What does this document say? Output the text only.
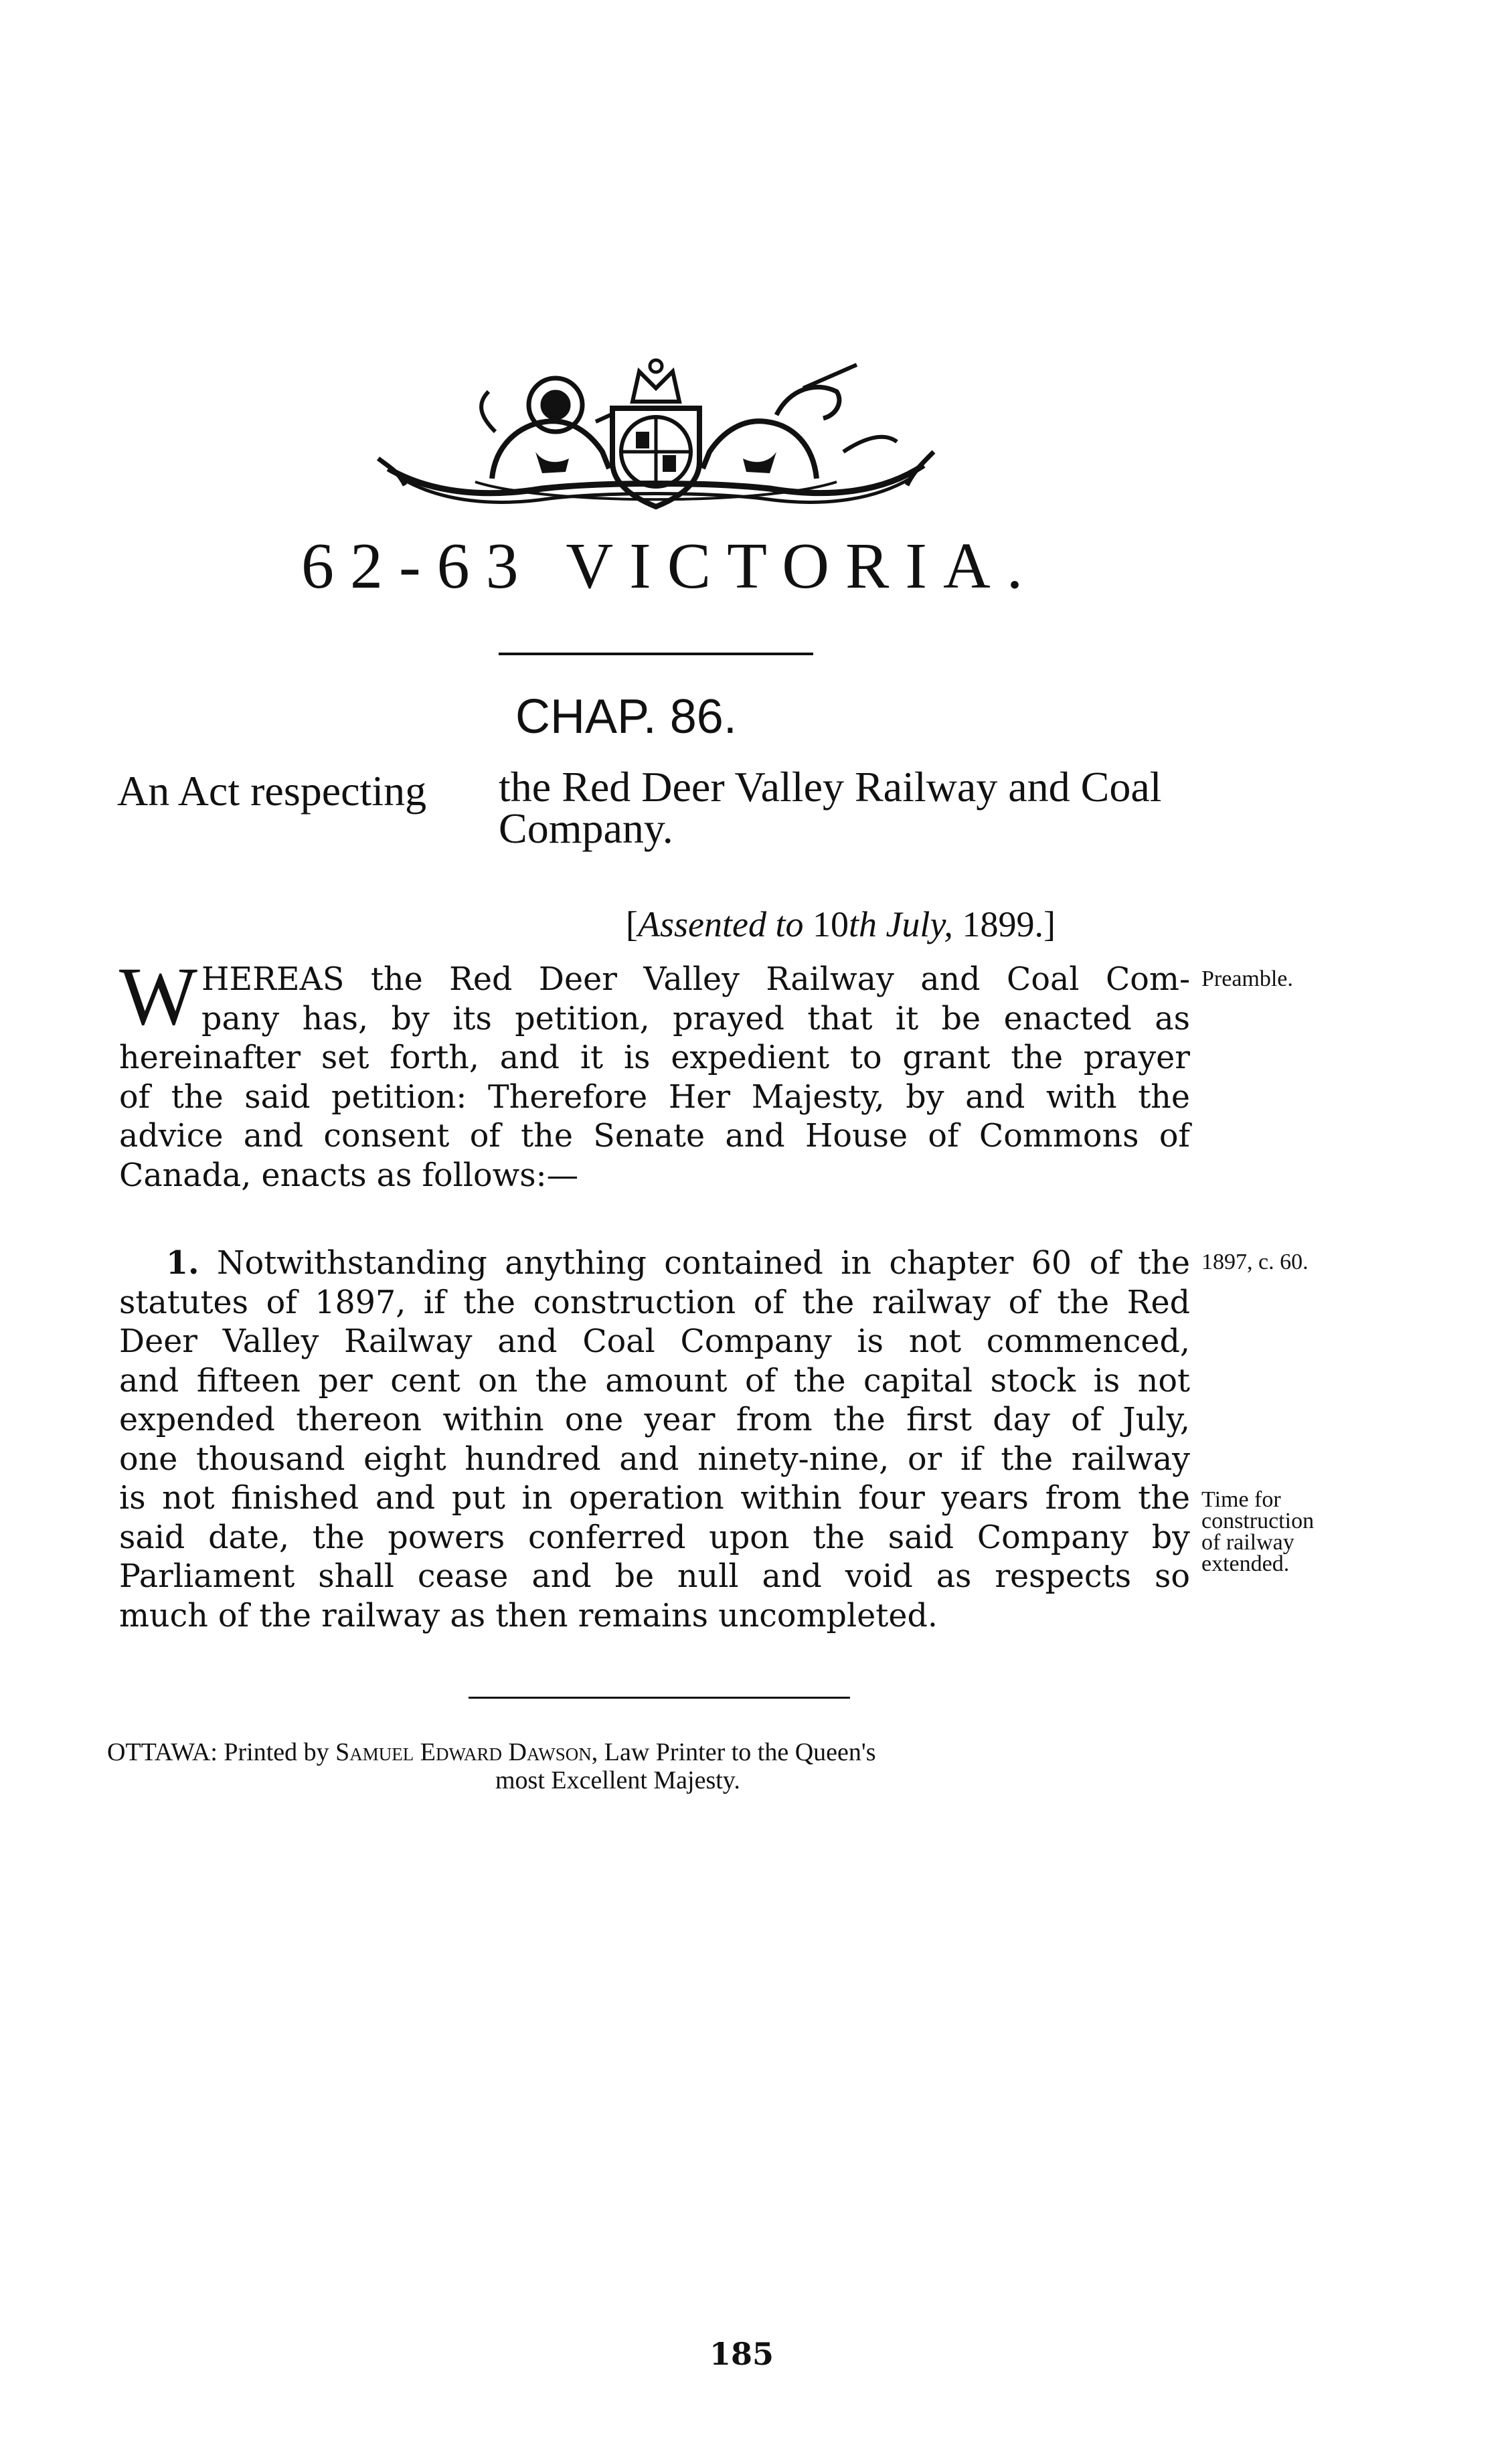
62-63 VICTORIA.
CHAP. 86.
An Act respecting the Red Deer Valley Railway and Coal Company.
[Assented to 10th July, 1899.]
W HEREAS the Red Deer Valley Railway and Coal Com-
pany has, by its petition, prayed that it be enacted as
hereinafter set forth, and it is expedient to grant the prayer
of the said petition: Therefore Her Majesty, by and with the
advice and consent of the Senate and House of Commons of
Canada, enacts as follows:—
1. Notwithstanding anything contained in chapter 60 of the
statutes of 1897, if the construction of the railway of the Red
Deer Valley Railway and Coal Company is not commenced,
and fifteen per cent on the amount of the capital stock is not
expended thereon within one year from the first day of July,
one thousand eight hundred and ninety-nine, or if the railway
is not finished and put in operation within four years from the
said date, the powers conferred upon the said Company by
Parliament shall cease and be null and void as respects so
much of the railway as then remains uncompleted.
Preamble.
1897, c. 60.
Time for
construction
of railway
extended.
OTTAWA: Printed by Samuel Edward Dawson, Law Printer to the Queen's
most Excellent Majesty.
185
